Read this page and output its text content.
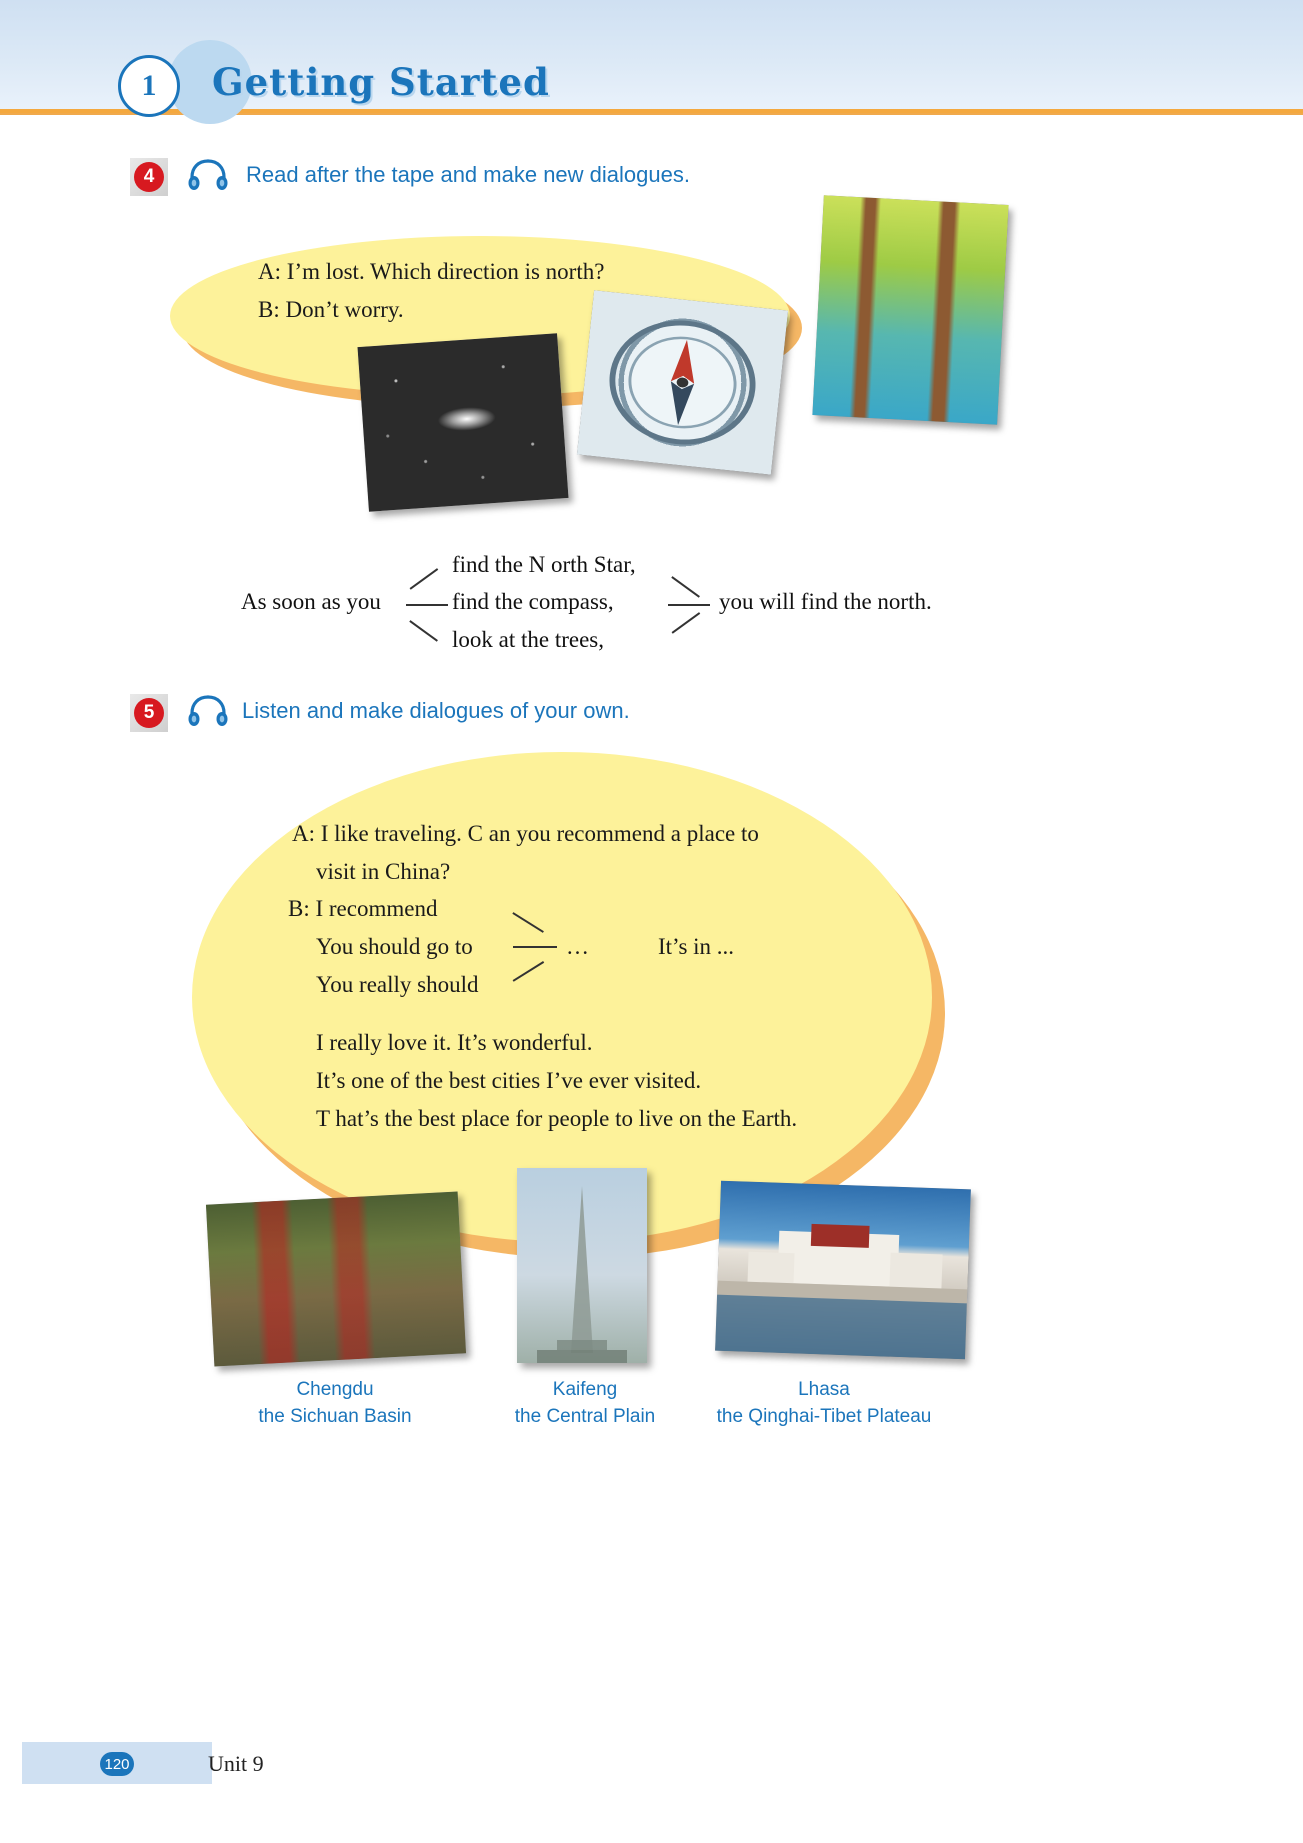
1	Getting Started
4	Read after the tape and make new dialogues.
A: I’m lost. Which direction is north?
B: Don’t worry.
As soon as you
find the N orth Star,
find the compass,
look at the trees,
you will find the north.
5	Listen and make dialogues of your own.
A: I like traveling. C an you recommend a place to
visit in China?
B: I recommend
You should go to
You really should
…	It’s in ...
I really love it. It’s wonderful.
It’s one of the best cities I’ve ever visited.
T hat’s the best place for people to live on the Earth.
Chengdu
the Sichuan Basin
Kaifeng
the Central Plain
Lhasa
the Qinghai-Tibet Plateau
120	Unit 9
